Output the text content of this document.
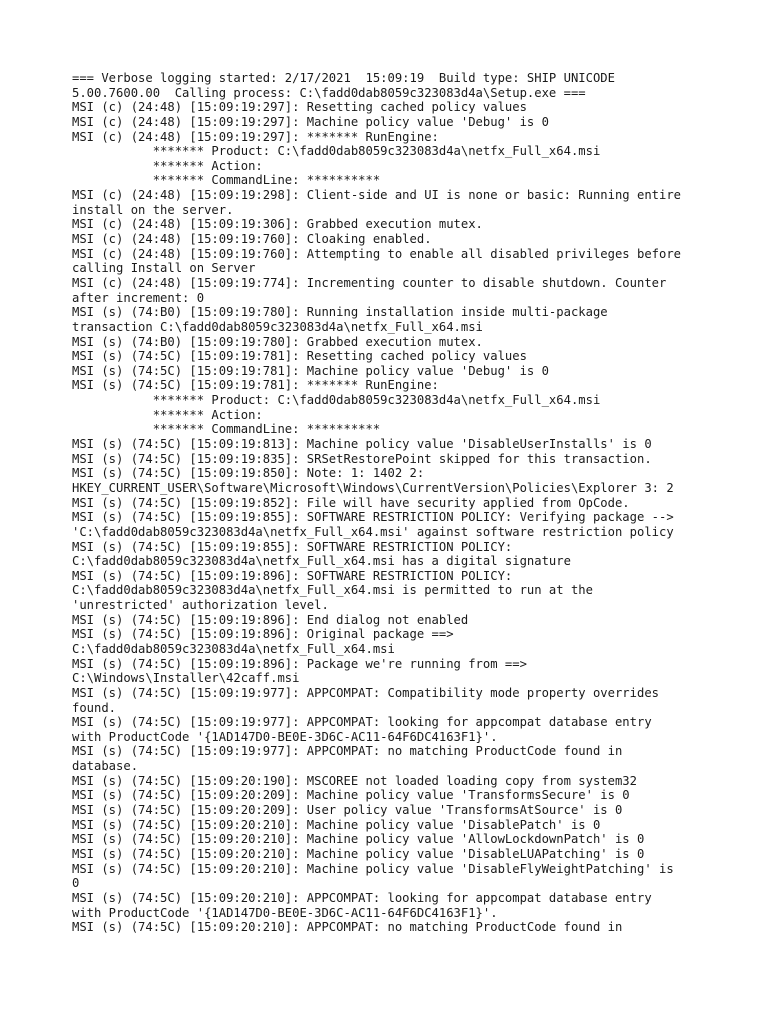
=== Verbose logging started: 2/17/2021  15:09:19  Build type: SHIP UNICODE
5.00.7600.00  Calling process: C:\fadd0dab8059c323083d4a\Setup.exe ===
MSI (c) (24:48) [15:09:19:297]: Resetting cached policy values
MSI (c) (24:48) [15:09:19:297]: Machine policy value 'Debug' is 0
MSI (c) (24:48) [15:09:19:297]: ******* RunEngine:
******* Product: C:\fadd0dab8059c323083d4a\netfx_Full_x64.msi
******* Action:
******* CommandLine: **********
MSI (c) (24:48) [15:09:19:298]: Client-side and UI is none or basic: Running entire
install on the server.
MSI (c) (24:48) [15:09:19:306]: Grabbed execution mutex.
MSI (c) (24:48) [15:09:19:760]: Cloaking enabled.
MSI (c) (24:48) [15:09:19:760]: Attempting to enable all disabled privileges before
calling Install on Server
MSI (c) (24:48) [15:09:19:774]: Incrementing counter to disable shutdown. Counter
after increment: 0
MSI (s) (74:B0) [15:09:19:780]: Running installation inside multi-package
transaction C:\fadd0dab8059c323083d4a\netfx_Full_x64.msi
MSI (s) (74:B0) [15:09:19:780]: Grabbed execution mutex.
MSI (s) (74:5C) [15:09:19:781]: Resetting cached policy values
MSI (s) (74:5C) [15:09:19:781]: Machine policy value 'Debug' is 0
MSI (s) (74:5C) [15:09:19:781]: ******* RunEngine:
******* Product: C:\fadd0dab8059c323083d4a\netfx_Full_x64.msi
******* Action:
******* CommandLine: **********
MSI (s) (74:5C) [15:09:19:813]: Machine policy value 'DisableUserInstalls' is 0
MSI (s) (74:5C) [15:09:19:835]: SRSetRestorePoint skipped for this transaction.
MSI (s) (74:5C) [15:09:19:850]: Note: 1: 1402 2:
HKEY_CURRENT_USER\Software\Microsoft\Windows\CurrentVersion\Policies\Explorer 3: 2
MSI (s) (74:5C) [15:09:19:852]: File will have security applied from OpCode.
MSI (s) (74:5C) [15:09:19:855]: SOFTWARE RESTRICTION POLICY: Verifying package -->
'C:\fadd0dab8059c323083d4a\netfx_Full_x64.msi' against software restriction policy
MSI (s) (74:5C) [15:09:19:855]: SOFTWARE RESTRICTION POLICY:
C:\fadd0dab8059c323083d4a\netfx_Full_x64.msi has a digital signature
MSI (s) (74:5C) [15:09:19:896]: SOFTWARE RESTRICTION POLICY:
C:\fadd0dab8059c323083d4a\netfx_Full_x64.msi is permitted to run at the
'unrestricted' authorization level.
MSI (s) (74:5C) [15:09:19:896]: End dialog not enabled
MSI (s) (74:5C) [15:09:19:896]: Original package ==>
C:\fadd0dab8059c323083d4a\netfx_Full_x64.msi
MSI (s) (74:5C) [15:09:19:896]: Package we're running from ==>
C:\Windows\Installer\42caff.msi
MSI (s) (74:5C) [15:09:19:977]: APPCOMPAT: Compatibility mode property overrides
found.
MSI (s) (74:5C) [15:09:19:977]: APPCOMPAT: looking for appcompat database entry
with ProductCode '{1AD147D0-BE0E-3D6C-AC11-64F6DC4163F1}'.
MSI (s) (74:5C) [15:09:19:977]: APPCOMPAT: no matching ProductCode found in
database.
MSI (s) (74:5C) [15:09:20:190]: MSCOREE not loaded loading copy from system32
MSI (s) (74:5C) [15:09:20:209]: Machine policy value 'TransformsSecure' is 0
MSI (s) (74:5C) [15:09:20:209]: User policy value 'TransformsAtSource' is 0
MSI (s) (74:5C) [15:09:20:210]: Machine policy value 'DisablePatch' is 0
MSI (s) (74:5C) [15:09:20:210]: Machine policy value 'AllowLockdownPatch' is 0
MSI (s) (74:5C) [15:09:20:210]: Machine policy value 'DisableLUAPatching' is 0
MSI (s) (74:5C) [15:09:20:210]: Machine policy value 'DisableFlyWeightPatching' is
0
MSI (s) (74:5C) [15:09:20:210]: APPCOMPAT: looking for appcompat database entry
with ProductCode '{1AD147D0-BE0E-3D6C-AC11-64F6DC4163F1}'.
MSI (s) (74:5C) [15:09:20:210]: APPCOMPAT: no matching ProductCode found in
